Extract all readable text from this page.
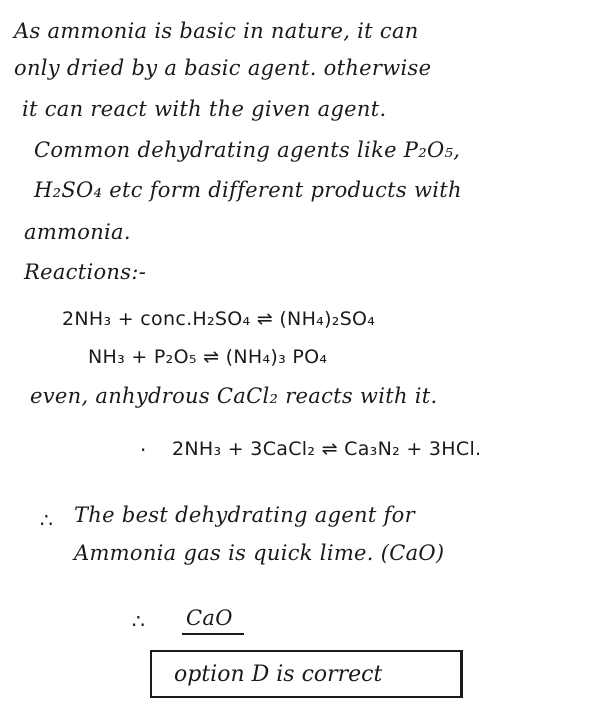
As ammonia is basic in nature, it can
only dried by a basic agent. otherwise
it can react with the given agent.
Common dehydrating agents like P₂O₅,
H₂SO₄ etc form different products with
ammonia.
Reactions:-
2NH₃ + conc.H₂SO₄ ⇌ (NH₄)₂SO₄
NH₃ + P₂O₅ ⇌ (NH₄)₃ PO₄
even, anhydrous CaCl₂ reacts with it.
· 2NH₃ + 3CaCl₂ ⇌ Ca₃N₂ + 3HCl.
∴ The best dehydrating agent for
Ammonia gas is quick lime. (CaO)
∴ CaO
option D is correct
